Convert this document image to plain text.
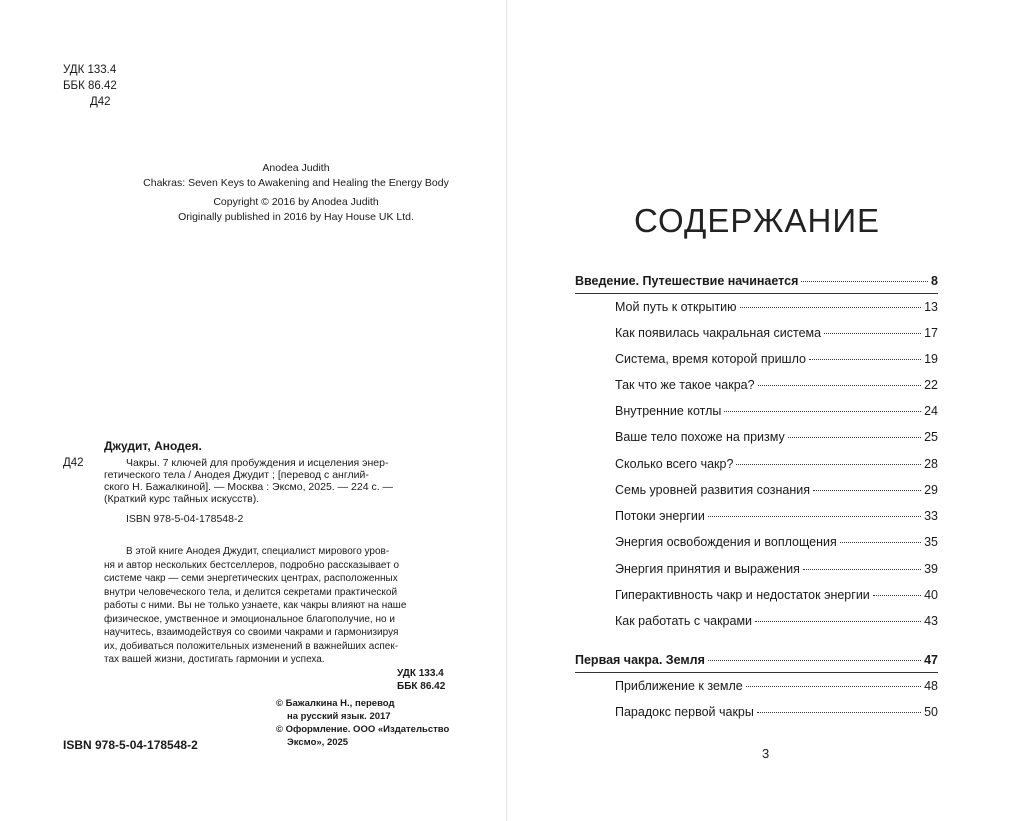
УДК 133.4
ББК 86.42
Д42
Anodea Judith
Chakras: Seven Keys to Awakening and Healing the Energy Body
Copyright © 2016 by Anodea Judith
Originally published in 2016 by Hay House UK Ltd.
Джудит, Анодея.
Д42	Чакры. 7 ключей для пробуждения и исцеления энер-
гетического тела / Анодея Джудит ; [перевод с англий-
ского Н. Бажалкиной]. — Москва : Эксмо, 2025. — 224 с. —
(Краткий курс тайных искусств).
ISBN 978-5-04-178548-2
В этой книге Анодея Джудит, специалист мирового уров-
ня и автор нескольких бестселлеров, подробно рассказывает о
системе чакр — семи энергетических центрах, расположенных
внутри человеческого тела, и делится секретами практической
работы с ними. Вы не только узнаете, как чакры влияют на наше
физическое, умственное и эмоциональное благополучие, но и
научитесь, взаимодействуя со своими чакрами и гармонизируя
их, добиваться положительных изменений в важнейших аспек-
тах вашей жизни, достигать гармонии и успеха.
УДК 133.4
ББК 86.42
ISBN 978-5-04-178548-2
© Бажалкина Н., перевод
на русский язык. 2017
© Оформление. ООО «Издательство
Эксмо», 2025
СОДЕРЖАНИЕ
Введение. Путешествие начинается	8
Мой путь к открытию	13
Как появилась чакральная система	17
Система, время которой пришло	19
Так что же такое чакра?	22
Внутренние котлы	24
Ваше тело похоже на призму	25
Сколько всего чакр?	28
Семь уровней развития сознания	29
Потоки энергии	33
Энергия освобождения и воплощения	35
Энергия принятия и выражения	39
Гиперактивность чакр и недостаток энергии	40
Как работать с чакрами	43
Первая чакра. Земля	47
Приближение к земле	48
Парадокс первой чакры	50
3
